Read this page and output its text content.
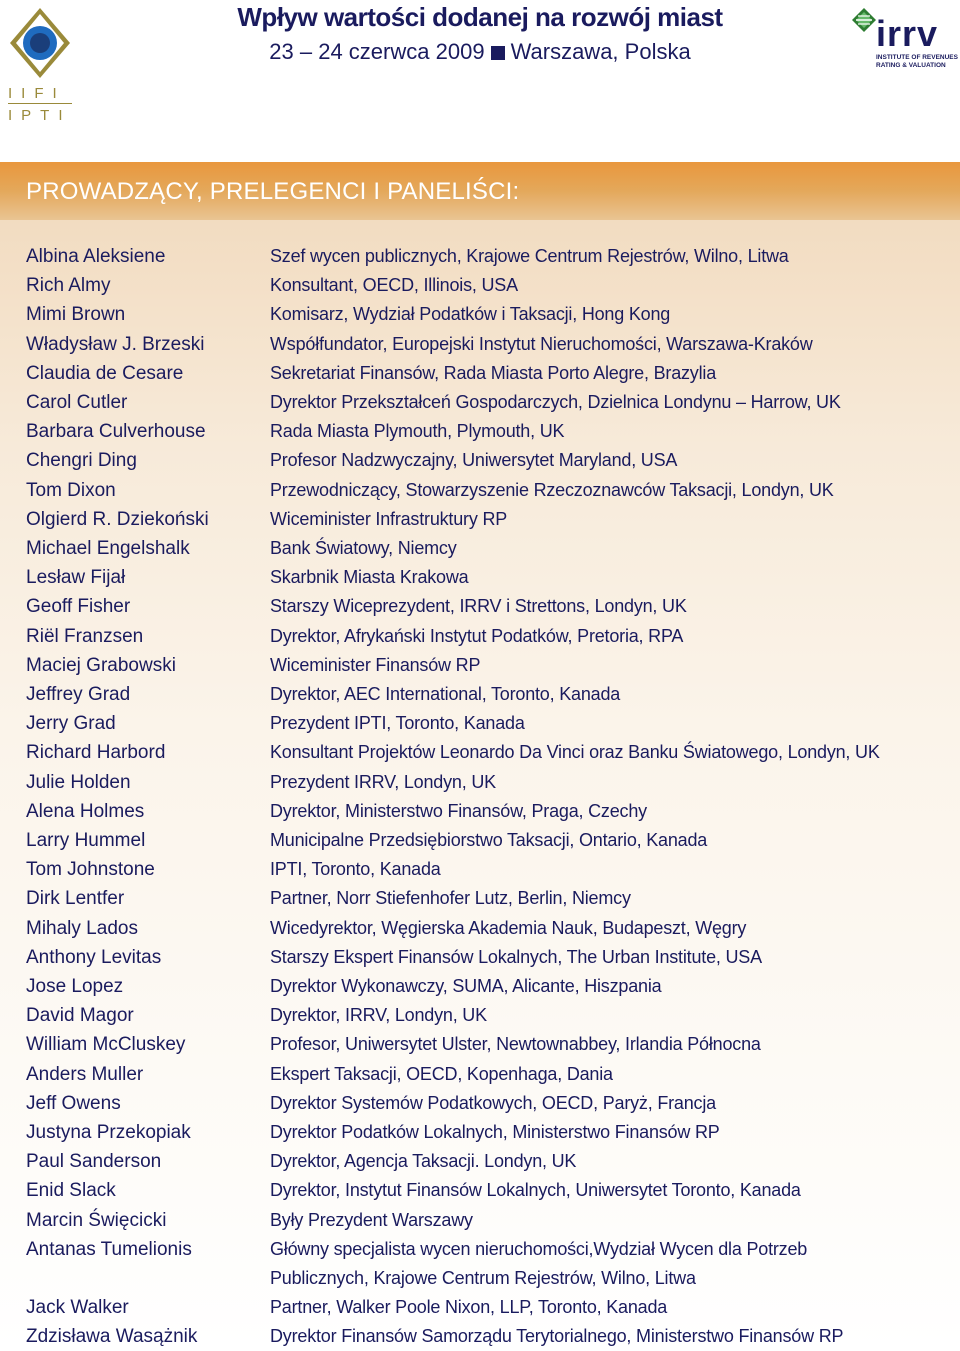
IIFI
IPTI
Wpływ wartości dodanej na rozwój miast
23 – 24 czerwca 2009 Warszawa, Polska	irrv
INSTITUTE OF REVENUES
RATING & VALUATION
PROWADZĄCY, PRELEGENCI I PANELIŚCI:
Albina Aleksiene	Szef wycen publicznych, Krajowe Centrum Rejestrów, Wilno, Litwa
Rich Almy	Konsultant, OECD, Illinois, USA
Mimi Brown	Komisarz, Wydział Podatków i Taksacji, Hong Kong
Władysław J. Brzeski	Współfundator, Europejski Instytut Nieruchomości, Warszawa-Kraków
Claudia de Cesare	Sekretariat Finansów, Rada Miasta Porto Alegre, Brazylia
Carol Cutler	Dyrektor Przekształceń Gospodarczych, Dzielnica Londynu – Harrow, UK
Barbara Culverhouse	Rada Miasta Plymouth, Plymouth, UK
Chengri Ding	Profesor Nadzwyczajny, Uniwersytet Maryland, USA
Tom Dixon	Przewodniczący, Stowarzyszenie Rzeczoznawców Taksacji, Londyn, UK
Olgierd R. Dziekoński	Wiceminister Infrastruktury RP
Michael Engelshalk	Bank Światowy, Niemcy
Lesław Fijał	Skarbnik Miasta Krakowa
Geoff Fisher	Starszy Wiceprezydent, IRRV i Strettons, Londyn, UK
Riël Franzsen	Dyrektor, Afrykański Instytut Podatków, Pretoria, RPA
Maciej Grabowski	Wiceminister Finansów RP
Jeffrey Grad	Dyrektor, AEC International, Toronto, Kanada
Jerry Grad	Prezydent IPTI, Toronto, Kanada
Richard Harbord	Konsultant Projektów Leonardo Da Vinci oraz Banku Światowego, Londyn, UK
Julie Holden	Prezydent IRRV, Londyn, UK
Alena Holmes	Dyrektor, Ministerstwo Finansów, Praga, Czechy
Larry Hummel	Municipalne Przedsiębiorstwo Taksacji, Ontario, Kanada
Tom Johnstone	IPTI, Toronto, Kanada
Dirk Lentfer	Partner, Norr Stiefenhofer Lutz, Berlin, Niemcy
Mihaly Lados	Wicedyrektor, Węgierska Akademia Nauk, Budapeszt, Węgry
Anthony Levitas	Starszy Ekspert Finansów Lokalnych, The Urban Institute, USA
Jose Lopez	Dyrektor Wykonawczy, SUMA, Alicante, Hiszpania
David Magor	Dyrektor, IRRV, Londyn, UK
William McCluskey	Profesor, Uniwersytet Ulster, Newtownabbey, Irlandia Północna
Anders Muller	Ekspert Taksacji, OECD, Kopenhaga, Dania
Jeff Owens	Dyrektor Systemów Podatkowych, OECD, Paryż, Francja
Justyna Przekopiak	Dyrektor Podatków Lokalnych, Ministerstwo Finansów RP
Paul Sanderson	Dyrektor, Agencja Taksacji. Londyn, UK
Enid Slack	Dyrektor, Instytut Finansów Lokalnych, Uniwersytet Toronto, Kanada
Marcin Święcicki	Były Prezydent Warszawy
Antanas Tumelionis	Główny specjalista wycen nieruchomości,Wydział Wycen dla Potrzeb Publicznych, Krajowe Centrum Rejestrów, Wilno, Litwa
Jack Walker	Partner, Walker Poole Nixon, LLP, Toronto, Kanada
Zdzisława Wasążnik	Dyrektor Finansów Samorządu Terytorialnego, Ministerstwo Finansów RP
